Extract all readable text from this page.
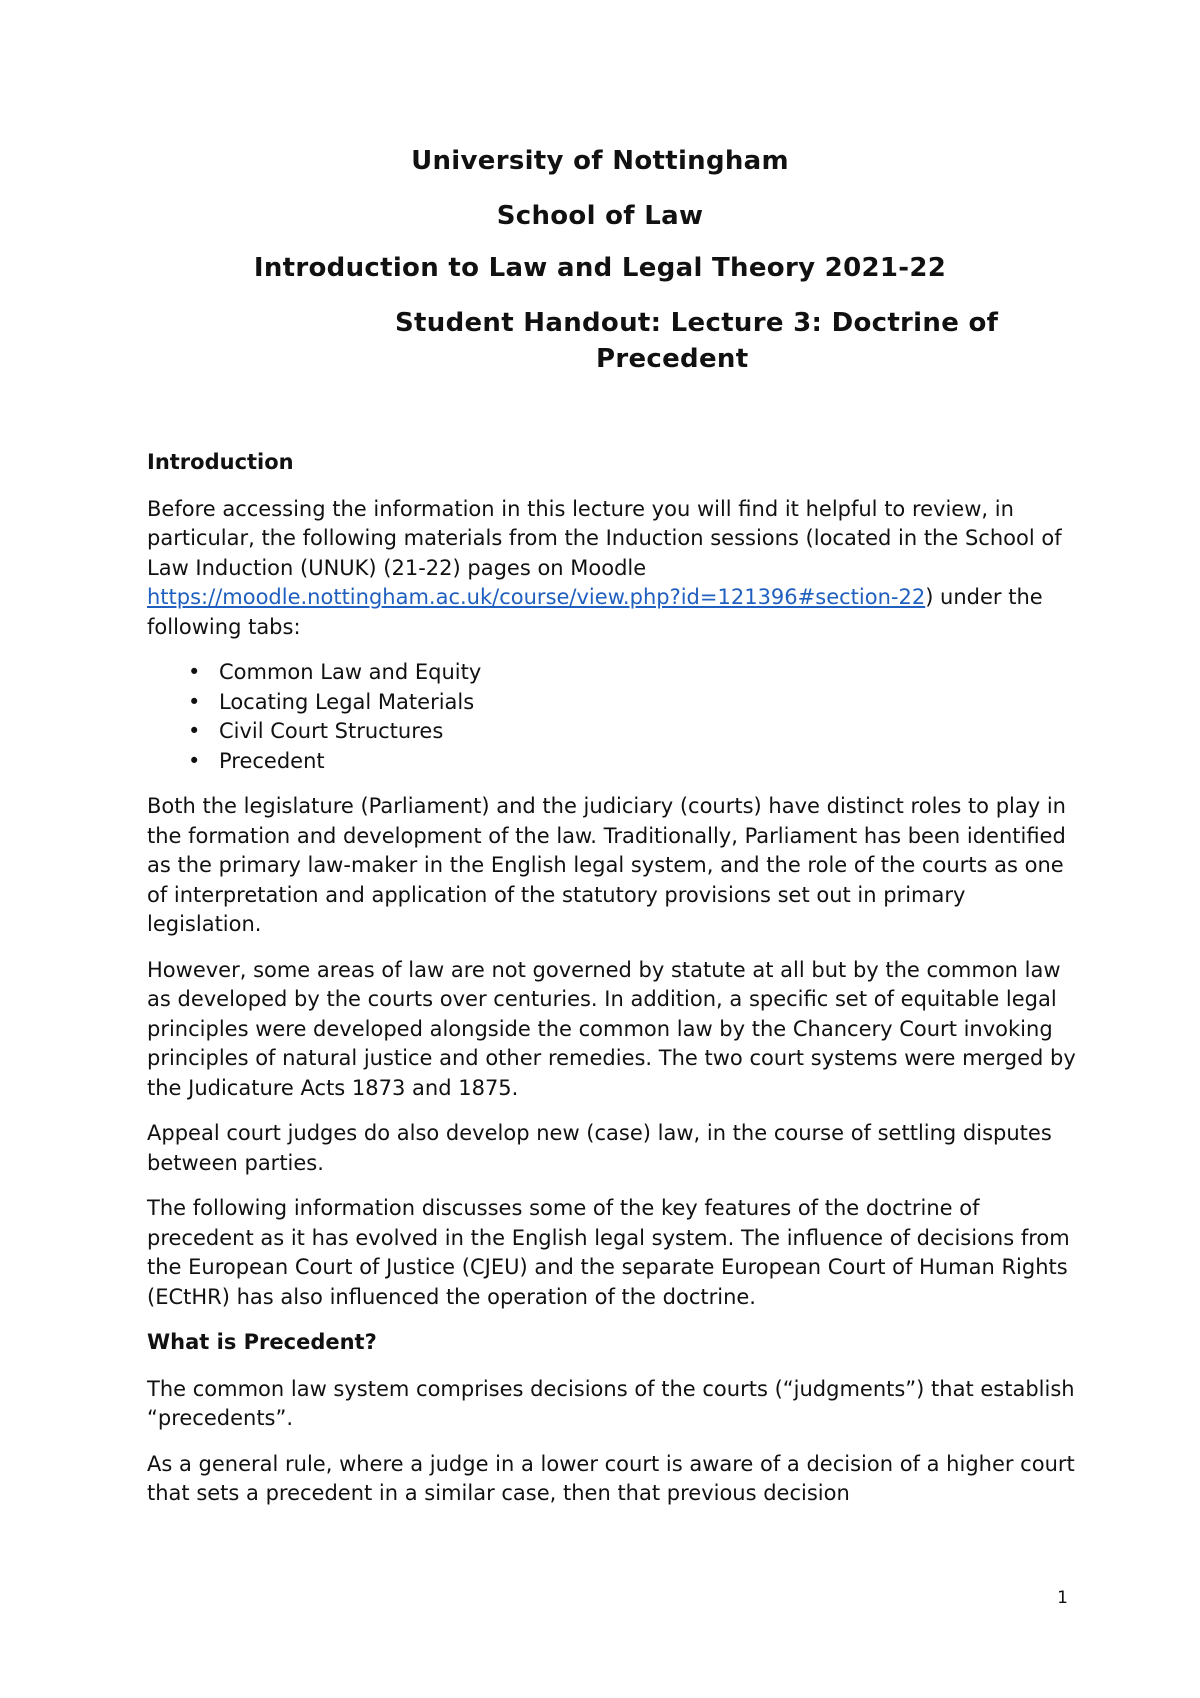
University of Nottingham
School of Law
Introduction to Law and Legal Theory 2021-22
Student Handout: Lecture 3: Doctrine of
Precedent
Introduction

Before accessing the information in this lecture you will find it helpful to review, in particular, the following materials from the Induction sessions (located in the School of Law Induction (UNUK) (21-22) pages on Moodle https://moodle.nottingham.ac.uk/course/view.php?id=121396#section-22) under the following tabs:

• Common Law and Equity
• Locating Legal Materials
• Civil Court Structures
• Precedent

Both the legislature (Parliament) and the judiciary (courts) have distinct roles to play in the formation and development of the law. Traditionally, Parliament has been identified as the primary law-maker in the English legal system, and the role of the courts as one of interpretation and application of the statutory provisions set out in primary legislation.

However, some areas of law are not governed by statute at all but by the common law as developed by the courts over centuries. In addition, a specific set of equitable legal principles were developed alongside the common law by the Chancery Court invoking principles of natural justice and other remedies. The two court systems were merged by the Judicature Acts 1873 and 1875.

Appeal court judges do also develop new (case) law, in the course of settling disputes between parties.

The following information discusses some of the key features of the doctrine of precedent as it has evolved in the English legal system. The influence of decisions from the European Court of Justice (CJEU) and the separate European Court of Human Rights (ECtHR) has also influenced the operation of the doctrine.

What is Precedent?

The common law system comprises decisions of the courts (“judgments”) that establish “precedents”.

As a general rule, where a judge in a lower court is aware of a decision of a higher court that sets a precedent in a similar case, then that previous decision

1
